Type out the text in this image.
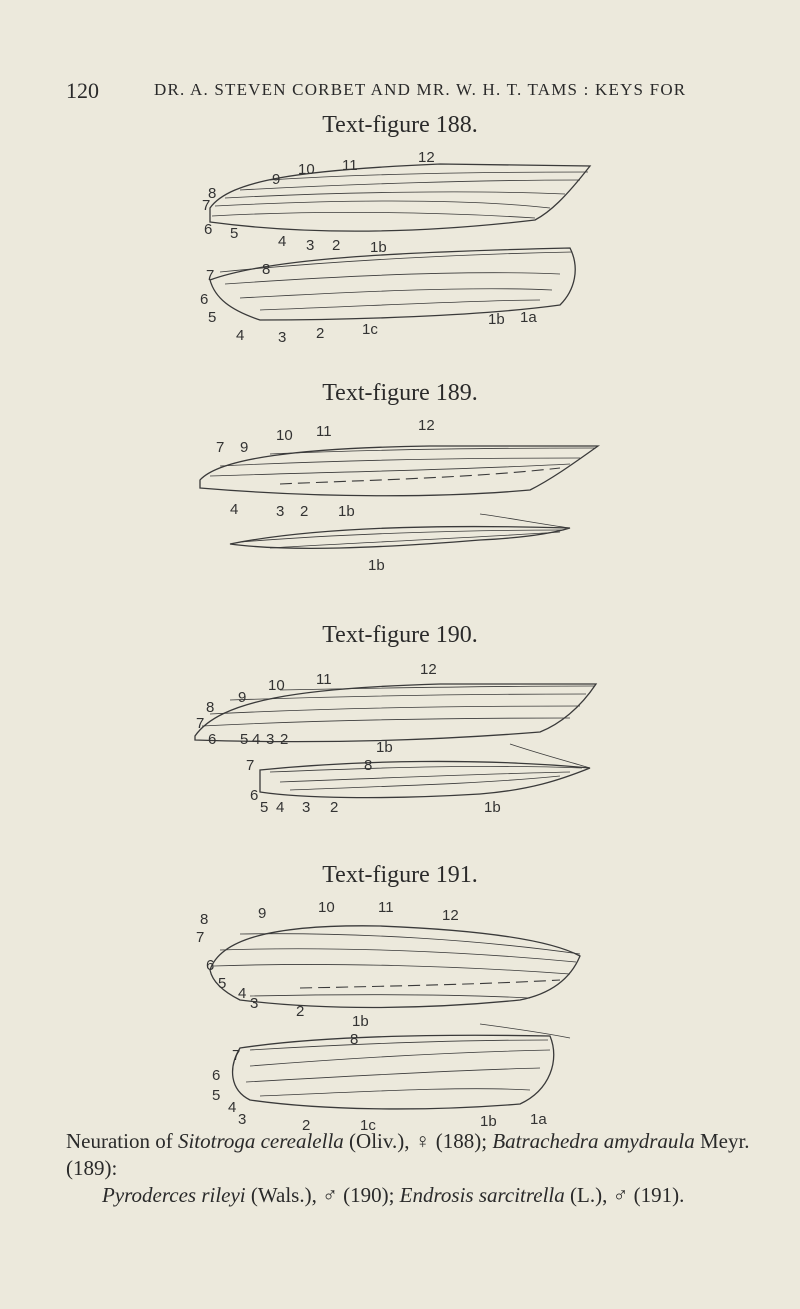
120	DR. A. STEVEN CORBET AND MR. W. H. T. TAMS : KEYS FOR
Text-figure 188.
12
11
10
9
8
7
6 5	4 3 2 1b
8
7
6
5
4 3 2	1c
1b 1a
Text-figure 189.
12
11
10
9
7
4	3 2 1b
1b
Text-figure 190.
12
11
10
9
8
7
6 5 4 3 2	1b
7	8
6
5 4 3 2	1b
Text-figure 191.
9
8
10	11	12
7
6
5
4
3	2
1b
8
7
6
5
4
3	2	1c	1b 1a
Neuration of Sitotroga cerealella (Oliv.), ♀ (188); Batrachedra amydraula Meyr. (189):
Pyroderces rileyi (Wals.), ♂ (190); Endrosis sarcitrella (L.), ♂ (191).
